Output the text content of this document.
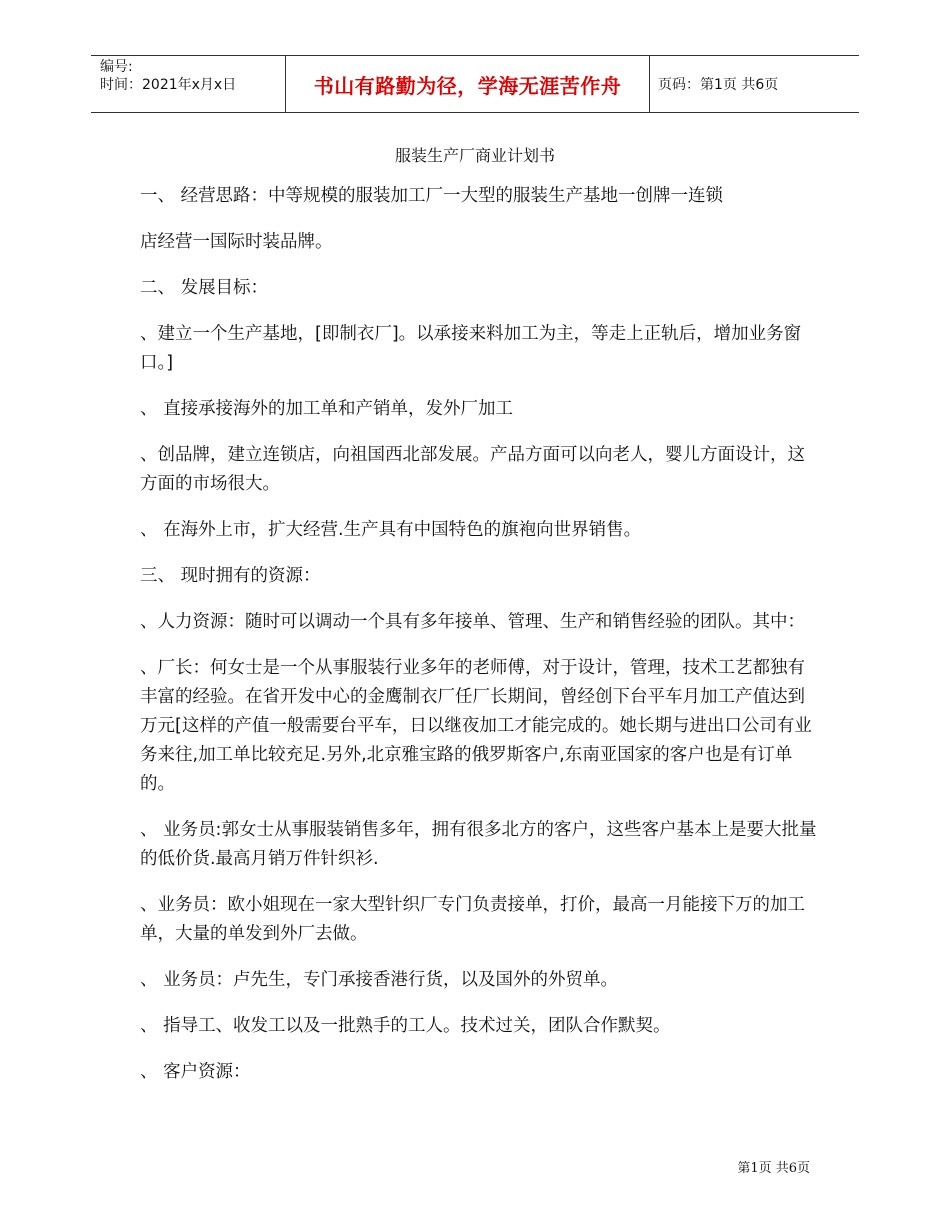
编号:
时间：2021年x月x日	书山有路勤为径，学海无涯苦作舟	页码：第1页 共6页
服装生产厂商业计划书

一、 经营思路：中等规模的服装加工厂一大型的服装生产基地一创牌一连锁

店经营一国际时装品牌。

二、 发展目标：

、建立一个生产基地，[即制衣厂]。以承接来料加工为主，等走上正轨后，增加业务窗口。]

、 直接承接海外的加工单和产销单，发外厂加工

、创品牌，建立连锁店，向祖国西北部发展。产品方面可以向老人，婴儿方面设计，这方面的市场很大。

、 在海外上市，扩大经营.生产具有中国特色的旗袍向世界销售。

三、 现时拥有的资源：

、人力资源：随时可以调动一个具有多年接单、管理、生产和销售经验的团队。其中：

、厂长：何女士是一个从事服装行业多年的老师傅，对于设计，管理，技术工艺都独有丰富的经验。在省开发中心的金鹰制衣厂任厂长期间，曾经创下台平车月加工产值达到万元[这样的产值一般需要台平车，日以继夜加工才能完成的。她长期与进出口公司有业务来往,加工单比较充足.另外,北京雅宝路的俄罗斯客户,东南亚国家的客户也是有订单的。

、 业务员:郭女士从事服装销售多年，拥有很多北方的客户，这些客户基本上是要大批量的低价货.最高月销万件针织衫.

、业务员：欧小姐现在一家大型针织厂专门负责接单，打价，最高一月能接下万的加工单，大量的单发到外厂去做。

、 业务员：卢先生，专门承接香港行货，以及国外的外贸单。

、 指导工、收发工以及一批熟手的工人。技术过关，团队合作默契。

、 客户资源：

第1页 共6页
